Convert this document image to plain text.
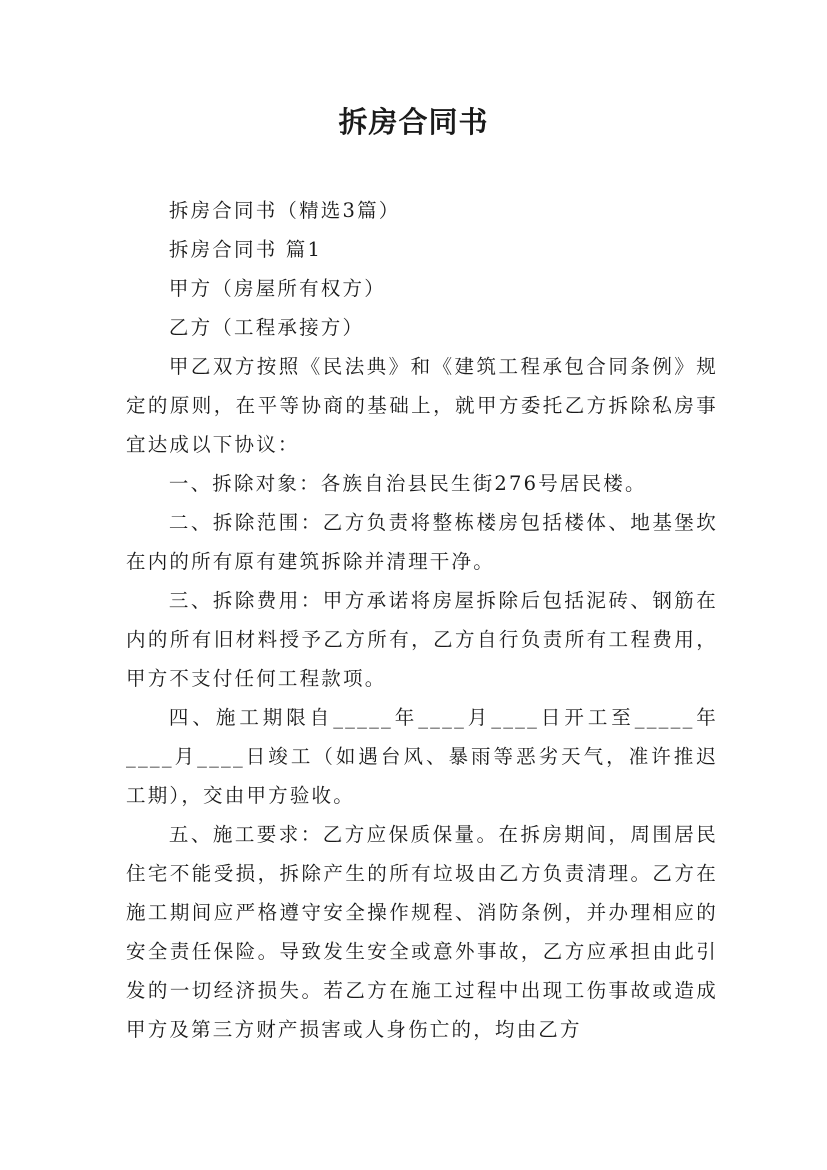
拆房合同书

拆房合同书（精选3篇）

拆房合同书 篇1

甲方（房屋所有权方）

乙方（工程承接方）

甲乙双方按照《民法典》和《建筑工程承包合同条例》规定的原则，在平等协商的基础上，就甲方委托乙方拆除私房事宜达成以下协议：

一、拆除对象：各族自治县民生街276号居民楼。

二、拆除范围：乙方负责将整栋楼房包括楼体、地基堡坎在内的所有原有建筑拆除并清理干净。

三、拆除费用：甲方承诺将房屋拆除后包括泥砖、钢筋在内的所有旧材料授予乙方所有，乙方自行负责所有工程费用，甲方不支付任何工程款项。

四、施工期限自_____年____月____日开工至_____年____月____日竣工（如遇台风、暴雨等恶劣天气，准许推迟工期），交由甲方验收。

五、施工要求：乙方应保质保量。在拆房期间，周围居民住宅不能受损，拆除产生的所有垃圾由乙方负责清理。乙方在施工期间应严格遵守安全操作规程、消防条例，并办理相应的安全责任保险。导致发生安全或意外事故，乙方应承担由此引发的一切经济损失。若乙方在施工过程中出现工伤事故或造成甲方及第三方财产损害或人身伤亡的，均由乙方
